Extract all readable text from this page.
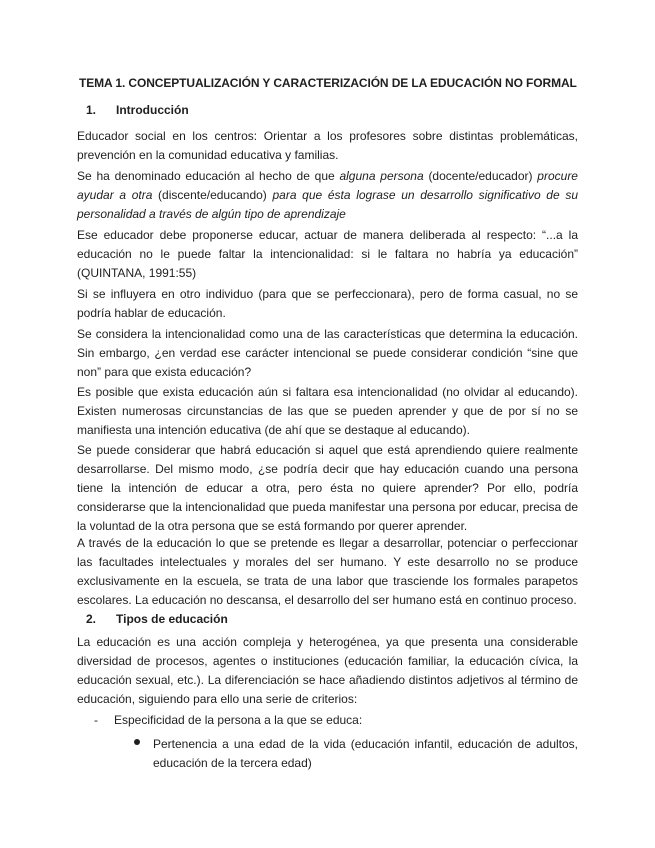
TEMA 1. CONCEPTUALIZACIÓN Y CARACTERIZACIÓN DE LA EDUCACIÓN NO FORMAL
1. Introducción

Educador social en los centros: Orientar a los profesores sobre distintas problemáticas, prevención en la comunidad educativa y familias.

Se ha denominado educación al hecho de que alguna persona (docente/educador) procure ayudar a otra (discente/educando) para que ésta lograse un desarrollo significativo de su personalidad a través de algún tipo de aprendizaje

Ese educador debe proponerse educar, actuar de manera deliberada al respecto: “...a la educación no le puede faltar la intencionalidad: si le faltara no habría ya educación” (QUINTANA, 1991:55)

Si se influyera en otro individuo (para que se perfeccionara), pero de forma casual, no se podría hablar de educación.

Se considera la intencionalidad como una de las características que determina la educación. Sin embargo, ¿en verdad ese carácter intencional se puede considerar condición “sine que non” para que exista educación?

Es posible que exista educación aún si faltara esa intencionalidad (no olvidar al educando). Existen numerosas circunstancias de las que se pueden aprender y que de por sí no se manifiesta una intención educativa (de ahí que se destaque al educando).

Se puede considerar que habrá educación si aquel que está aprendiendo quiere realmente desarrollarse. Del mismo modo, ¿se podría decir que hay educación cuando una persona tiene la intención de educar a otra, pero ésta no quiere aprender? Por ello, podría considerarse que la intencionalidad que pueda manifestar una persona por educar, precisa de la voluntad de la otra persona que se está formando por querer aprender.

A través de la educación lo que se pretende es llegar a desarrollar, potenciar o perfeccionar las facultades intelectuales y morales del ser humano. Y este desarrollo no se produce exclusivamente en la escuela, se trata de una labor que trasciende los formales parapetos escolares. La educación no descansa, el desarrollo del ser humano está en continuo proceso.

2. Tipos de educación

La educación es una acción compleja y heterogénea, ya que presenta una considerable diversidad de procesos, agentes o instituciones (educación familiar, la educación cívica, la educación sexual, etc.). La diferenciación se hace añadiendo distintos adjetivos al término de educación, siguiendo para ello una serie de criterios:

- Especificidad de la persona a la que se educa:
Pertenencia a una edad de la vida (educación infantil, educación de adultos, educación de la tercera edad)
